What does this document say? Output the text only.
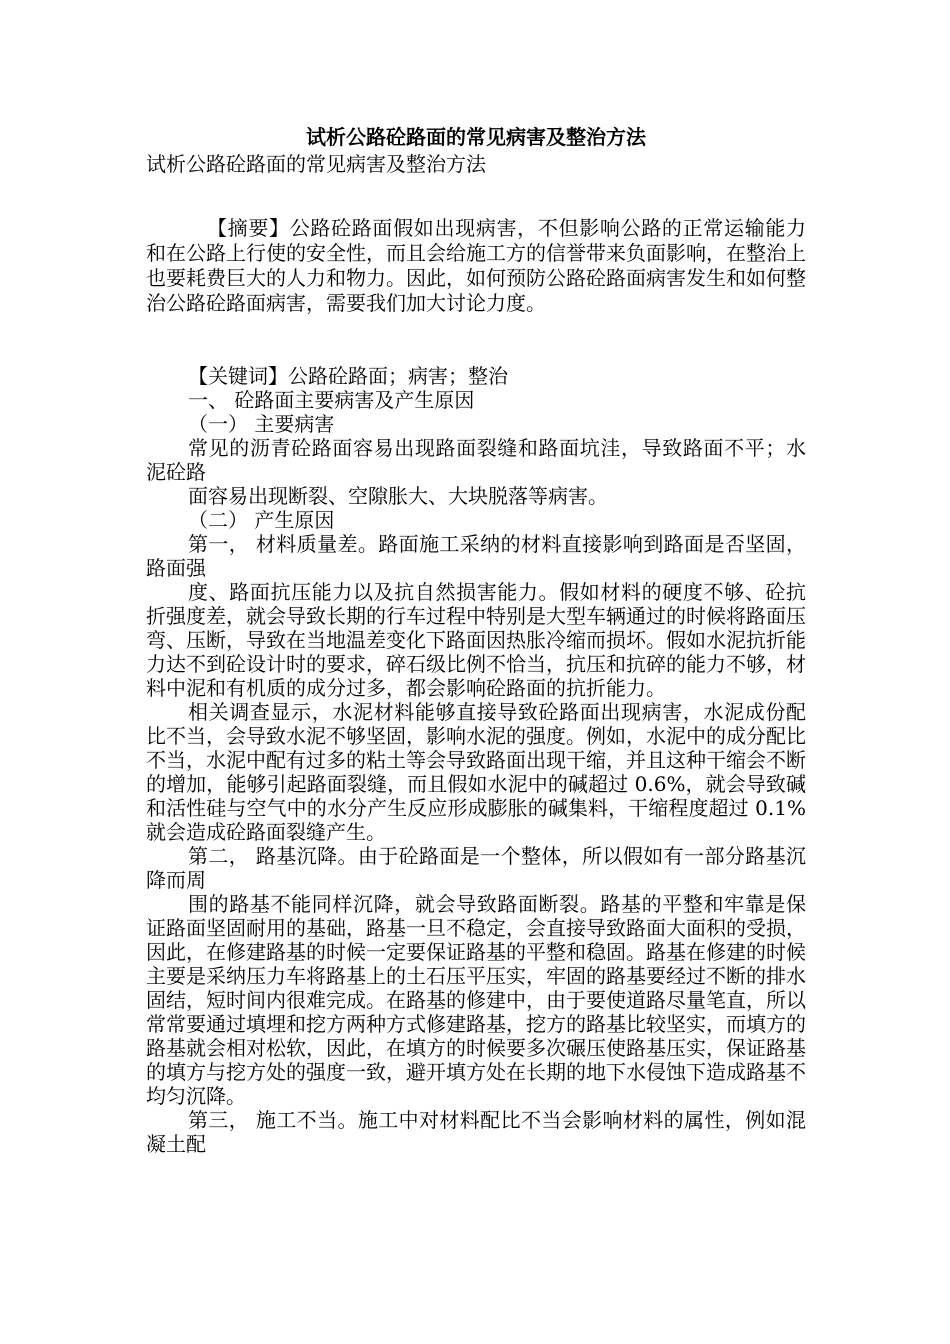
试析公路砼路面的常见病害及整治方法

试析公路砼路面的常见病害及整治方法

【摘要】公路砼路面假如出现病害，不但影响公路的正常运输能力和在公路上行使的安全性，而且会给施工方的信誉带来负面影响，在整治上也要耗费巨大的人力和物力。因此，如何预防公路砼路面病害发生和如何整治公路砼路面病害，需要我们加大讨论力度。

【关键词】公路砼路面；病害；整治

一、 砼路面主要病害及产生原因

（一） 主要病害

常见的沥青砼路面容易出现路面裂缝和路面坑洼，导致路面不平；水泥砼路

面容易出现断裂、空隙胀大、大块脱落等病害。

（二） 产生原因

第一， 材料质量差。路面施工采纳的材料直接影响到路面是否坚固，路面强

度、路面抗压能力以及抗自然损害能力。假如材料的硬度不够、砼抗折强度差，就会导致长期的行车过程中特别是大型车辆通过的时候将路面压弯、压断，导致在当地温差变化下路面因热胀冷缩而损坏。假如水泥抗折能力达不到砼设计时的要求，碎石级比例不恰当，抗压和抗碎的能力不够，材料中泥和有机质的成分过多，都会影响砼路面的抗折能力。

相关调查显示，水泥材料能够直接导致砼路面出现病害，水泥成份配比不当，会导致水泥不够坚固，影响水泥的强度。例如，水泥中的成分配比不当，水泥中配有过多的粘土等会导致路面出现干缩，并且这种干缩会不断的增加，能够引起路面裂缝，而且假如水泥中的碱超过 0.6%，就会导致碱和活性硅与空气中的水分产生反应形成膨胀的碱集料，干缩程度超过 0.1%就会造成砼路面裂缝产生。

第二， 路基沉降。由于砼路面是一个整体，所以假如有一部分路基沉降而周

围的路基不能同样沉降，就会导致路面断裂。路基的平整和牢靠是保证路面坚固耐用的基础，路基一旦不稳定，会直接导致路面大面积的受损，因此，在修建路基的时候一定要保证路基的平整和稳固。路基在修建的时候主要是采纳压力车将路基上的土石压平压实，牢固的路基要经过不断的排水固结，短时间内很难完成。在路基的修建中，由于要使道路尽量笔直，所以常常要通过填埋和挖方两种方式修建路基，挖方的路基比较坚实，而填方的路基就会相对松软，因此，在填方的时候要多次碾压使路基压实，保证路基的填方与挖方处的强度一致，避开填方处在长期的地下水侵蚀下造成路基不均匀沉降。

第三， 施工不当。施工中对材料配比不当会影响材料的属性，例如混凝土配
